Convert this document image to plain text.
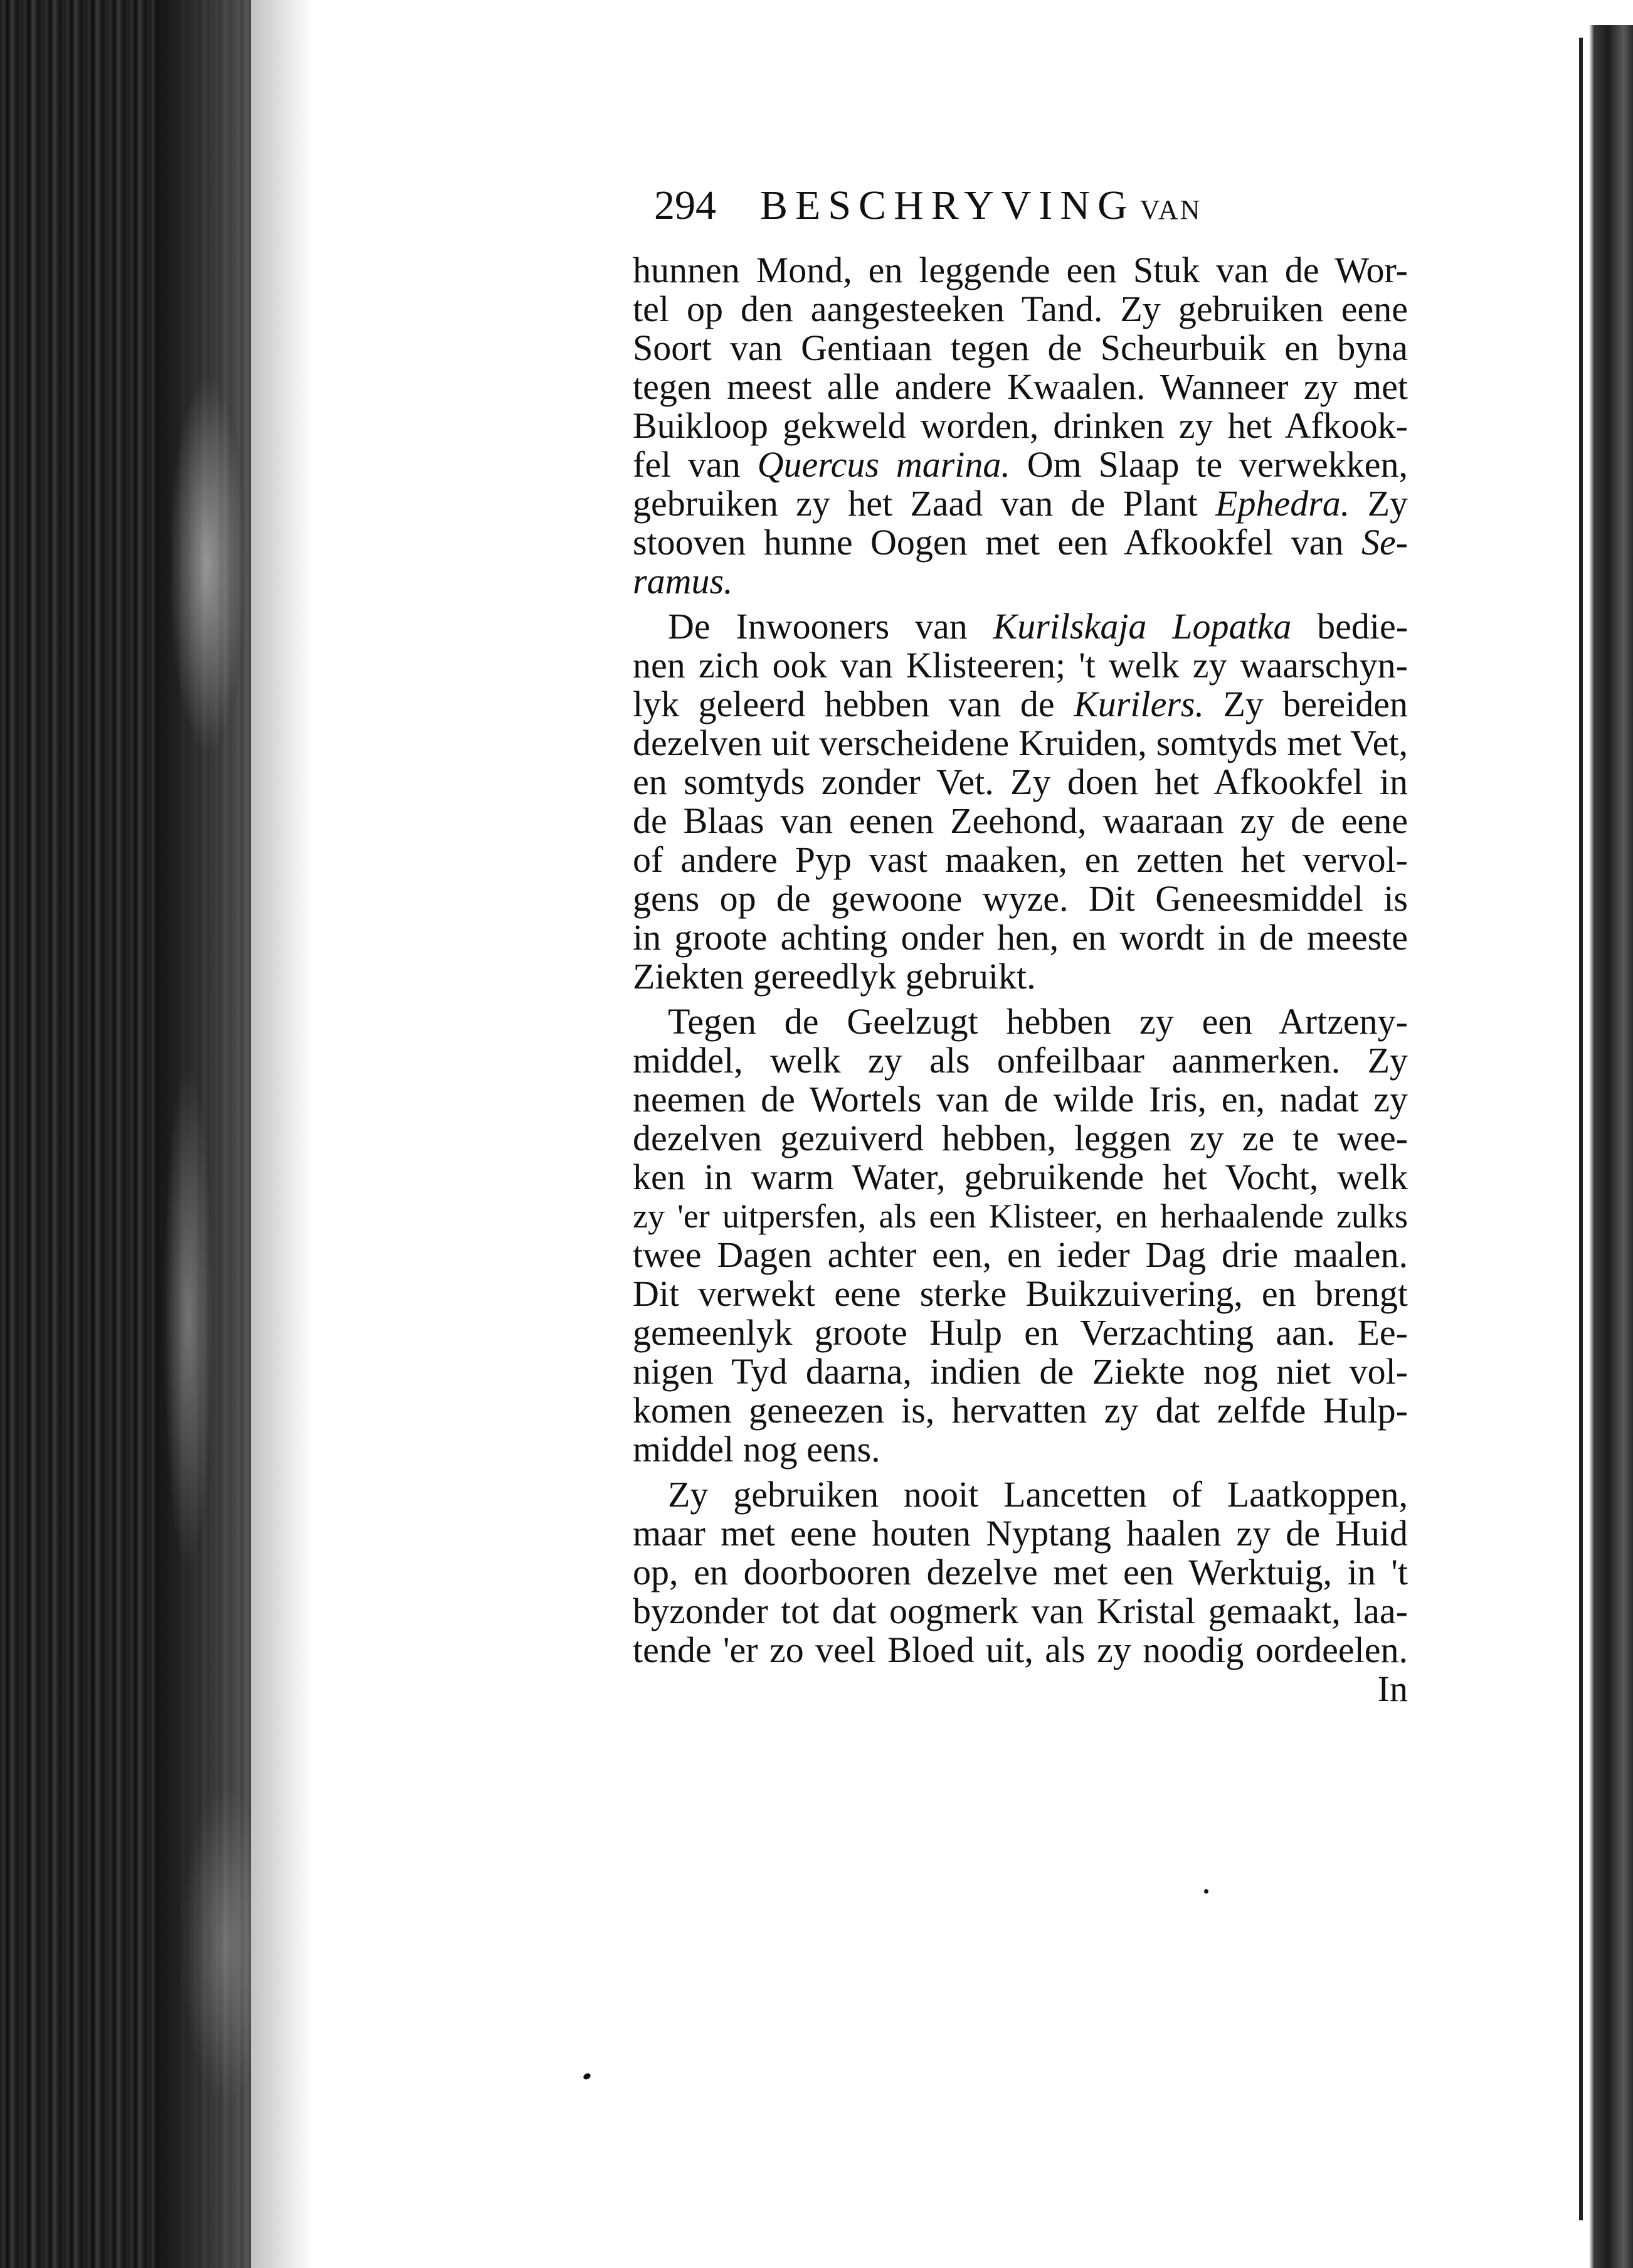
294 BESCHRYVING VAN
hunnen Mond, en leggende een Stuk van de Wor-
tel op den aangesteeken Tand. Zy gebruiken eene
Soort van Gentiaan tegen de Scheurbuik en byna
tegen meest alle andere Kwaalen. Wanneer zy met
Buikloop gekweld worden, drinken zy het Afkook-
fel van Quercus marina. Om Slaap te verwekken,
gebruiken zy het Zaad van de Plant Ephedra. Zy
stooven hunne Oogen met een Afkookfel van Se-
ramus.
De Inwooners van Kurilskaja Lopatka bedie-
nen zich ook van Klisteeren; 't welk zy waarschyn-
lyk geleerd hebben van de Kurilers. Zy bereiden
dezelven uit verscheidene Kruiden, somtyds met Vet,
en somtyds zonder Vet. Zy doen het Afkookfel in
de Blaas van eenen Zeehond, waaraan zy de eene
of andere Pyp vast maaken, en zetten het vervol-
gens op de gewoone wyze. Dit Geneesmiddel is
in groote achting onder hen, en wordt in de meeste
Ziekten gereedlyk gebruikt.
Tegen de Geelzugt hebben zy een Artzeny-
middel, welk zy als onfeilbaar aanmerken. Zy
neemen de Wortels van de wilde Iris, en, nadat zy
dezelven gezuiverd hebben, leggen zy ze te wee-
ken in warm Water, gebruikende het Vocht, welk
zy 'er uitpersfen, als een Klisteer, en herhaalende zulks
twee Dagen achter een, en ieder Dag drie maalen.
Dit verwekt eene sterke Buikzuivering, en brengt
gemeenlyk groote Hulp en Verzachting aan. Ee-
nigen Tyd daarna, indien de Ziekte nog niet vol-
komen geneezen is, hervatten zy dat zelfde Hulp-
middel nog eens.
Zy gebruiken nooit Lancetten of Laatkoppen,
maar met eene houten Nyptang haalen zy de Huid
op, en doorbooren dezelve met een Werktuig, in 't
byzonder tot dat oogmerk van Kristal gemaakt, laa-
tende 'er zo veel Bloed uit, als zy noodig oordeelen.
In
